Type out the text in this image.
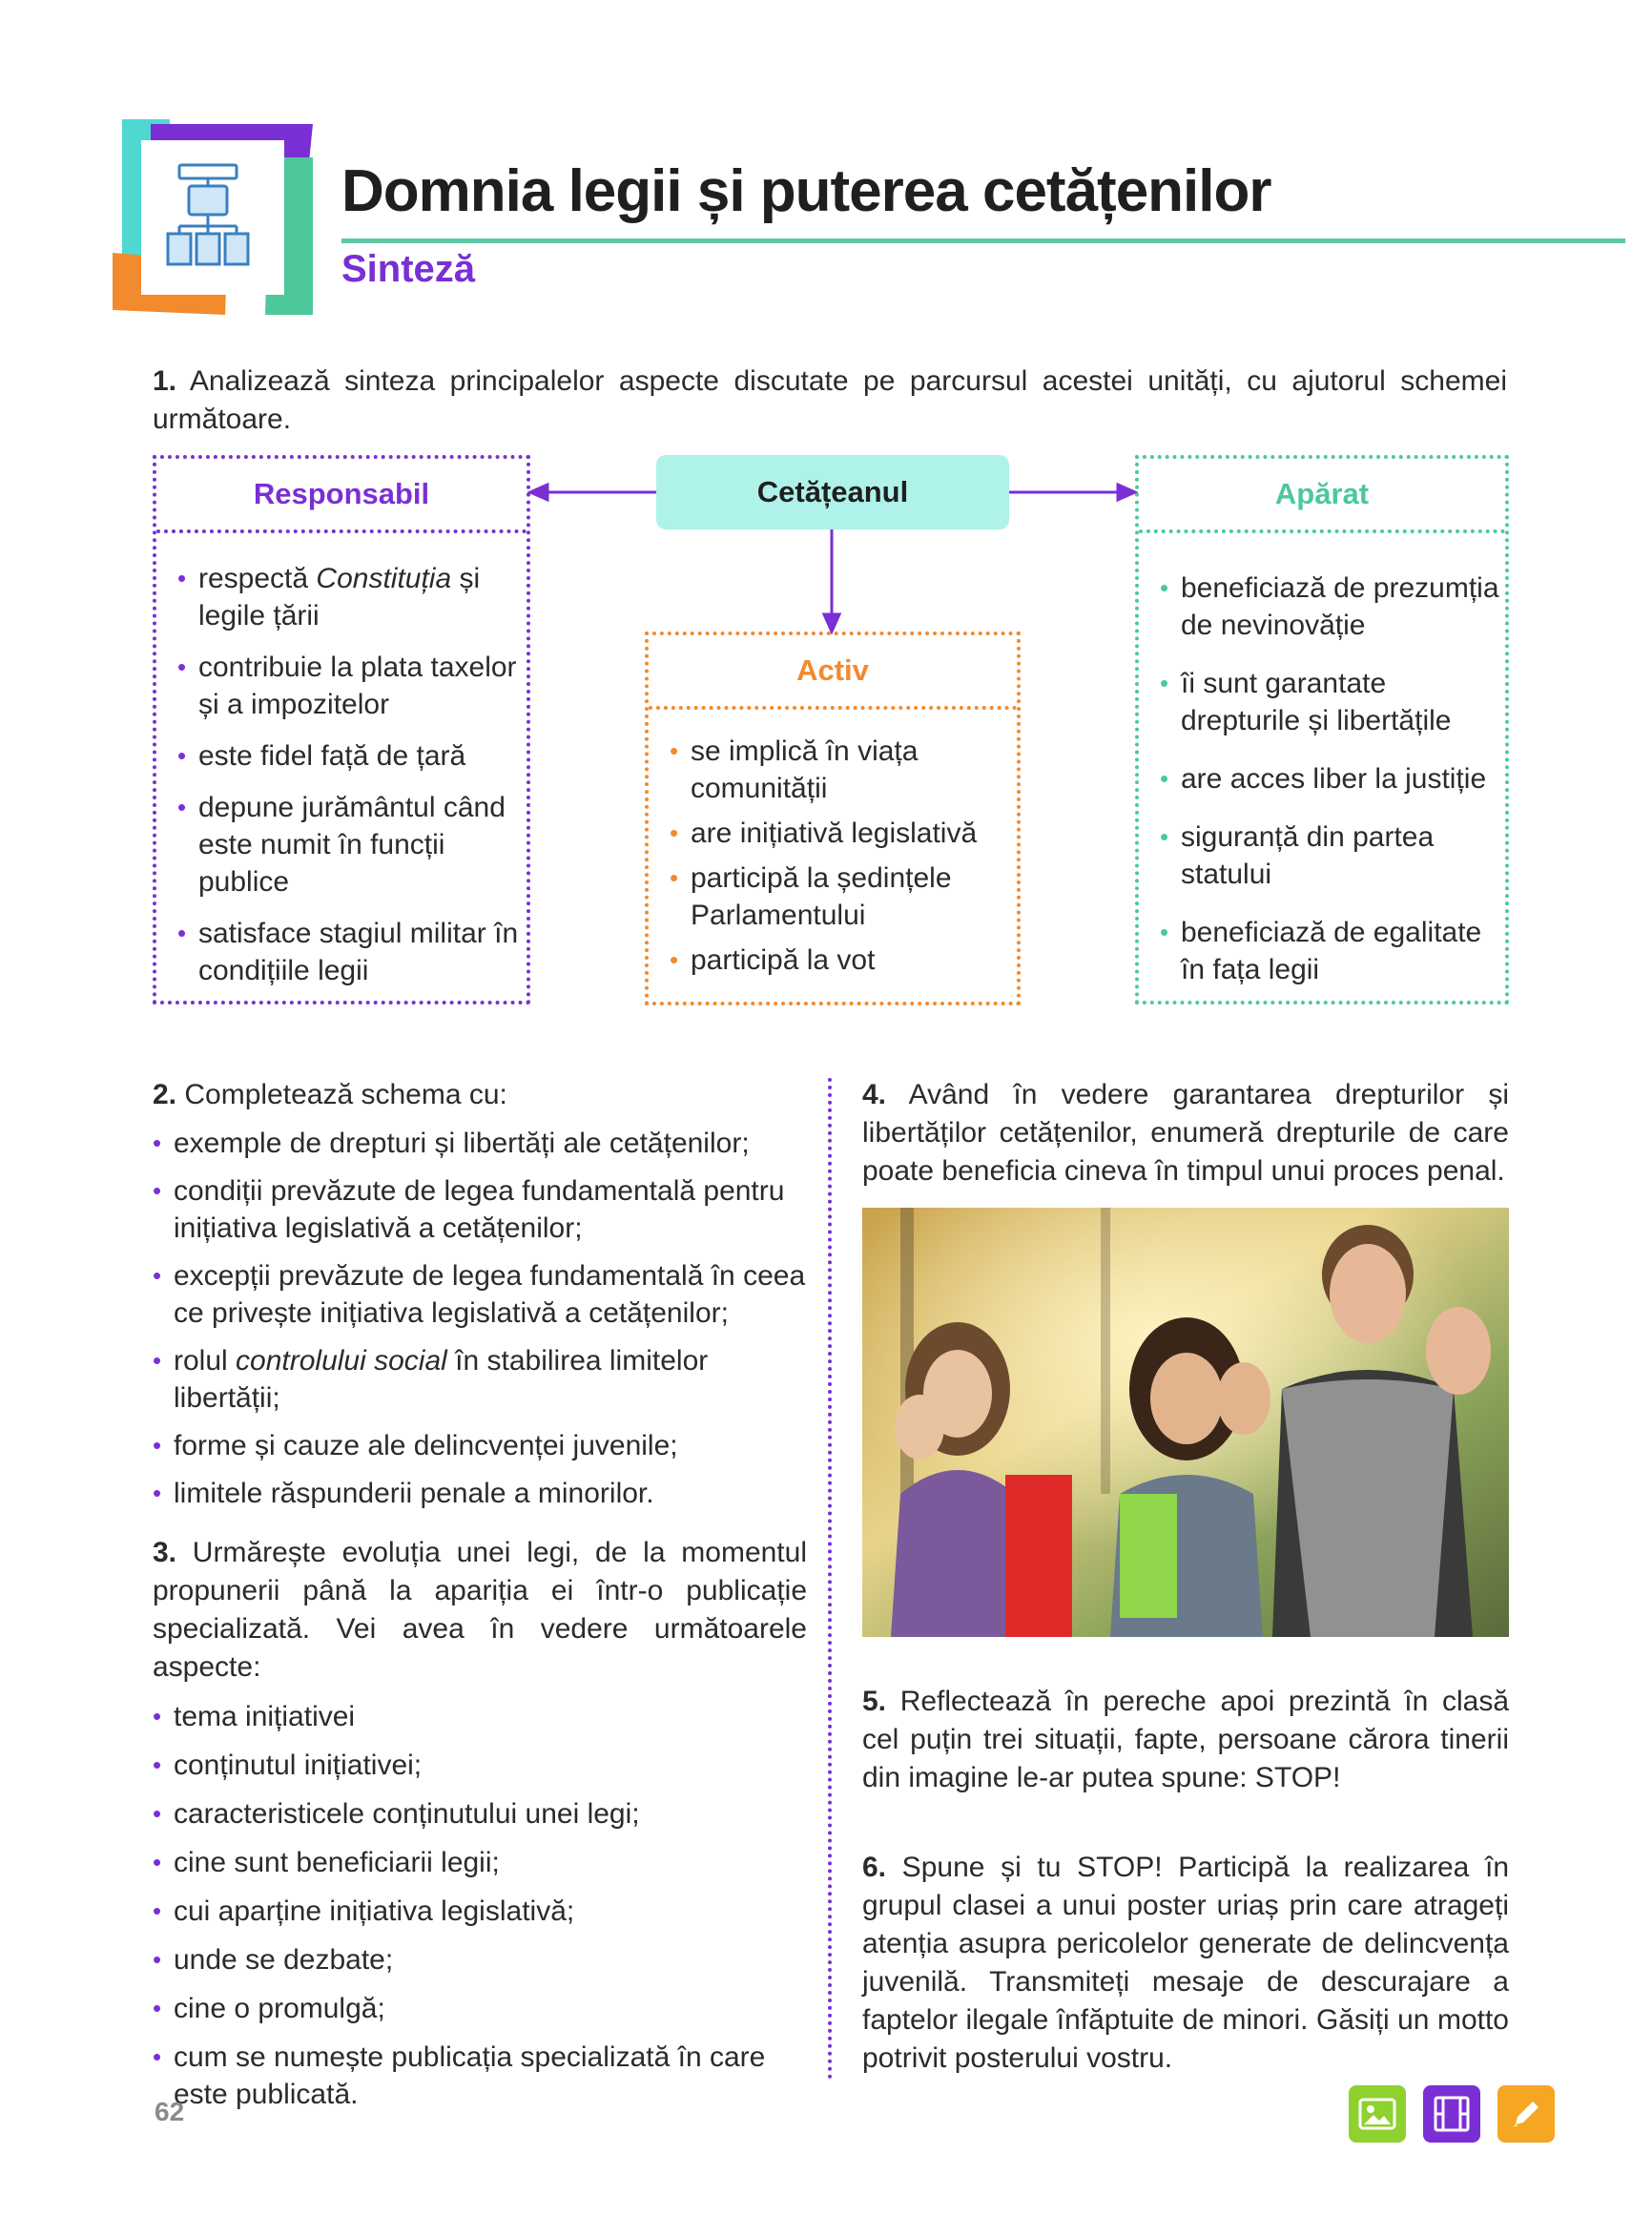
Domnia legii și puterea cetățenilor
Sinteză
1. Analizează sinteza principalelor aspecte discutate pe parcursul acestei unități, cu ajutorul schemei următoare.
Cetățeanul
Responsabil
• respectă Constituția și legile țării
• contribuie la plata taxelor și a impozitelor
• este fidel față de țară
• depune jurământul când este numit în funcții publice
• satisface stagiul militar în condițiile legii
Activ
• se implică în viața comunității
• are inițiativă legislativă
• participă la ședințele Parlamentului
• participă la vot
Apărat
• beneficiază de prezumția de nevinovăție
• îi sunt garantate drepturile și libertățile
• are acces liber la justiție
• siguranță din partea statului
• beneficiază de egalitate în fața legii
2. Completează schema cu:
• exemple de drepturi și libertăți ale cetățenilor;
• condiții prevăzute de legea fundamentală pentru inițiativa legislativă a cetățenilor;
• excepții prevăzute de legea fundamentală în ceea ce privește inițiativa legislativă a cetățenilor;
• rolul controlului social în stabilirea limitelor libertății;
• forme și cauze ale delincvenței juvenile;
• limitele răspunderii penale a minorilor.
3. Urmărește evoluția unei legi, de la momentul propunerii până la apariția ei într-o publicație specializată. Vei avea în vedere următoarele aspecte:
• tema inițiativei
• conținutul inițiativei;
• caracteristicele conținutului unei legi;
• cine sunt beneficiarii legii;
• cui aparține inițiativa legislativă;
• unde se dezbate;
• cine o promulgă;
• cum se numește publicația specializată în care este publicată.
4. Având în vedere garantarea drepturilor și libertăților cetățenilor, enumeră drepturile de care poate beneficia cineva în timpul unui proces penal.
5. Reflectează în pereche apoi prezintă în clasă cel puțin trei situații, fapte, persoane cărora tinerii din imagine le-ar putea spune: STOP!
6. Spune și tu STOP! Participă la realizarea în grupul clasei a unui poster uriaș prin care atrageți atenția asupra pericolelor generate de delincvența juvenilă. Transmiteți mesaje de descurajare a faptelor ilegale înfăptuite de minori. Găsiți un motto potrivit posterului vostru.
62
